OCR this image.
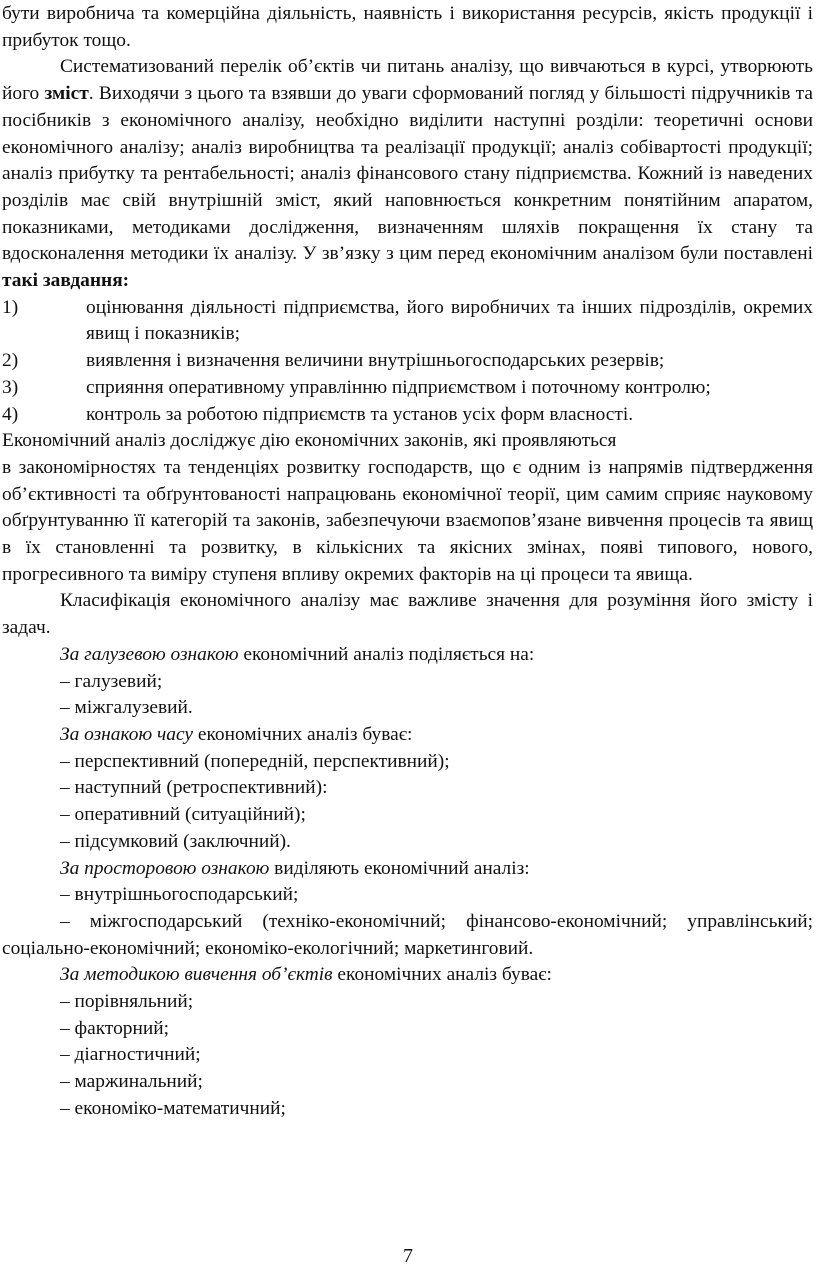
бути виробнича та комерційна діяльність, наявність і використання ресурсів, якість продукції і прибуток тощо.

Систематизований перелік об’єктів чи питань аналізу, що вивчаються в курсі, утворюють його зміст. Виходячи з цього та взявши до уваги сформований погляд у більшості підручників та посібників з економічного аналізу, необхідно виділити наступні розділи: теоретичні основи економічного аналізу; аналіз виробництва та реалізації продукції; аналіз собівартості продукції; аналіз прибутку та рентабельності; аналіз фінансового стану підприємства. Кожний із наведених розділів має свій внутрішній зміст, який наповнюється конкретним понятійним апаратом, показниками, методиками дослідження, визначенням шляхів покращення їх стану та вдосконалення методики їх аналізу. У зв’язку з цим перед економічним аналізом були поставлені такі завдання:

1)	оцінювання діяльності підприємства, його виробничих та інших підрозділів, окремих явищ і показників;
2)	виявлення і визначення величини внутрішньогосподарських резервів;
3)	сприяння оперативному управлінню підприємством і поточному контролю;
4)	контроль за роботою підприємств та установ усіх форм власності.

Економічний аналіз досліджує дію економічних законів, які проявляються

в закономірностях та тенденціях розвитку господарств, що є одним із напрямів підтвердження об’єктивності та обґрунтованості напрацювань економічної теорії, цим самим сприяє науковому обґрунтуванню її категорій та законів, забезпечуючи взаємопов’язане вивчення процесів та явищ в їх становленні та розвитку, в кількісних та якісних змінах, появі типового, нового, прогресивного та виміру ступеня впливу окремих факторів на ці процеси та явища.

Класифікація економічного аналізу має важливе значення для розуміння його змісту і задач.

За галузевою ознакою економічний аналіз поділяється на:

– галузевий;

– міжгалузевий.

За ознакою часу економічних аналіз буває:

– перспективний (попередній, перспективний);

– наступний (ретроспективний):

– оперативний (ситуаційний);

– підсумковий (заключний).

За просторовою ознакою виділяють економічний аналіз:

– внутрішньогосподарський;

– міжгосподарський (техніко-економічний; фінансово-економічний; управлінський; соціально-економічний; економіко-екологічний; маркетинговий.

За методикою вивчення об’єктів економічних аналіз буває:

– порівняльний;

– факторний;

– діагностичний;

– маржинальний;

– економіко-математичний;

7
